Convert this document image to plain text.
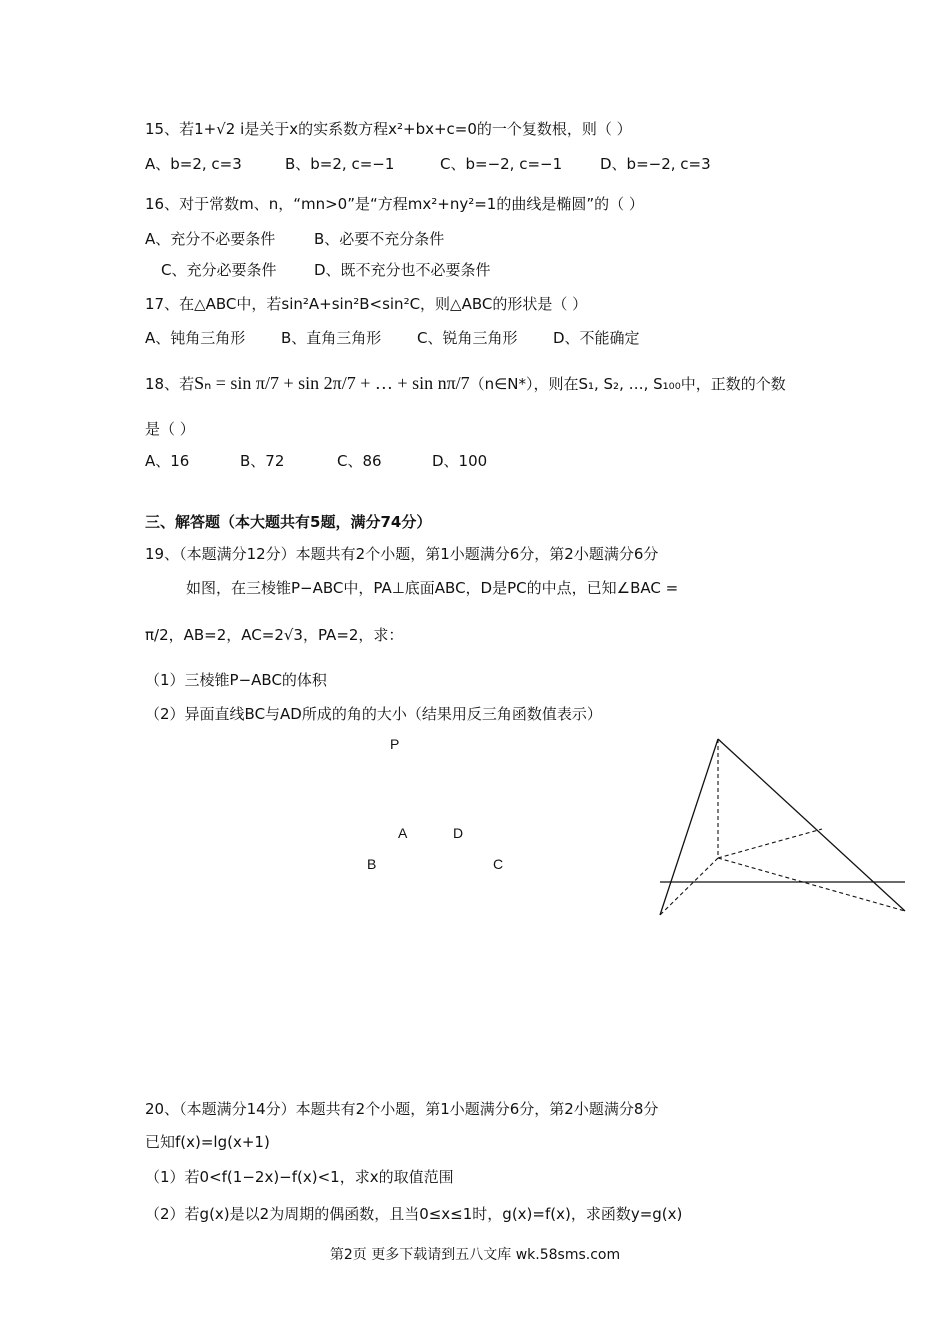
15、若1+√2 i是关于x的实系数方程x²+bx+c=0的一个复数根，则（ ）
A、b=2, c=3	B、b=2, c=−1	C、b=−2, c=−1	D、b=−2, c=3
16、对于常数m、n，“mn>0”是“方程mx²+ny²=1的曲线是椭圆”的（ ）
A、充分不必要条件	B、必要不充分条件
C、充分必要条件	D、既不充分也不必要条件
17、在△ABC中，若sin²A+sin²B<sin²C，则△ABC的形状是（ ）
A、钝角三角形 B、直角三角形 C、锐角三角形 D、不能确定
18、若Sₙ = sin π/7 + sin 2π/7 + … + sin nπ/7（n∈N*），则在S₁, S₂, …, S₁₀₀中，正数的个数
是（ ）
A、16	B、72	C、86	D、100
三、解答题（本大题共有5题，满分74分）
19、（本题满分12分）本题共有2个小题，第1小题满分6分，第2小题满分6分
如图，在三棱锥P−ABC中，PA⊥底面ABC，D是PC的中点，已知∠BAC =
π/2，AB=2，AC=2√3，PA=2，求：
（1）三棱锥P−ABC的体积
（2）异面直线BC与AD所成的角的大小（结果用反三角函数值表示）
P
A	D
B	C
20、（本题满分14分）本题共有2个小题，第1小题满分6分，第2小题满分8分
已知f(x)=lg(x+1)
（1）若0<f(1−2x)−f(x)<1，求x的取值范围
（2）若g(x)是以2为周期的偶函数，且当0≤x≤1时，g(x)=f(x)，求函数y=g(x)
第2页 更多下载请到五八文库 wk.58sms.com
